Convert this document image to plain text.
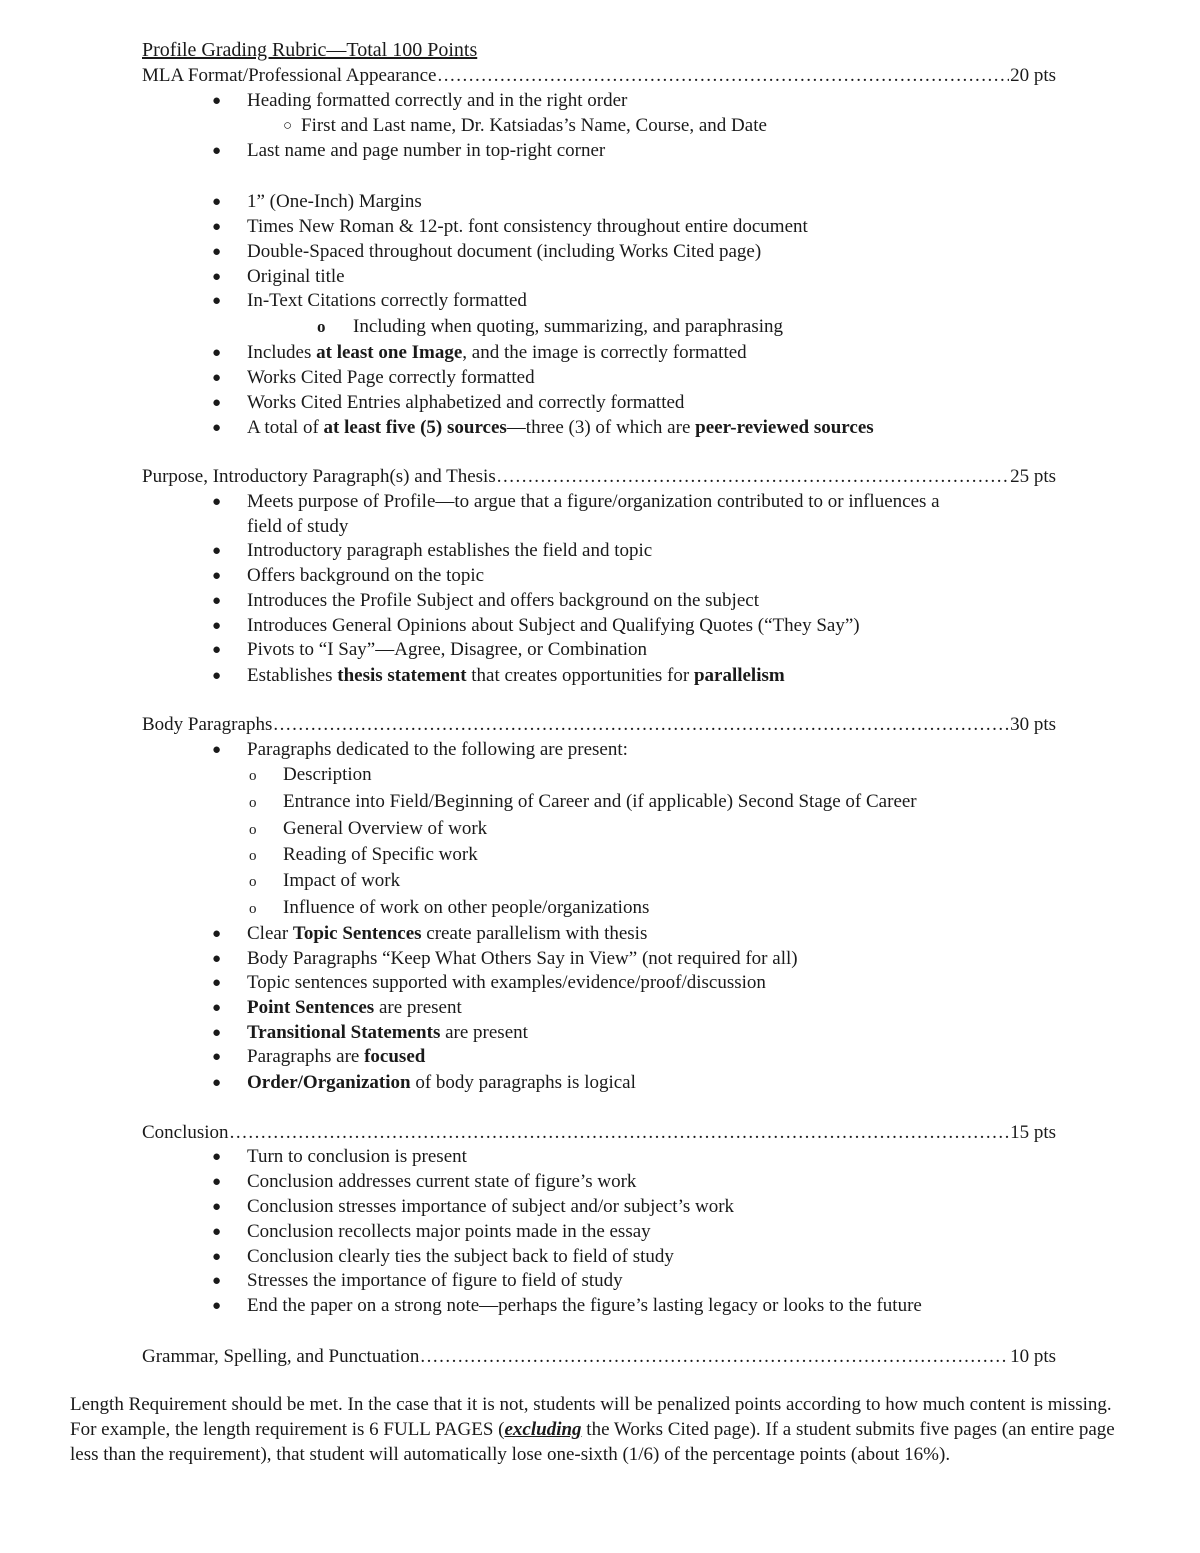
Profile Grading Rubric—Total 100 Points
MLA Format/Professional Appearance .....	20 pts
● Heading formatted correctly and in the right order
○ First and Last name, Dr. Katsiadas’s Name, Course, and Date
● Last name and page number in top-right corner
● 1” (One-Inch) Margins
● Times New Roman & 12-pt. font consistency throughout entire document
● Double-Spaced throughout document (including Works Cited page)
● Original title
● In-Text Citations correctly formatted
o Including when quoting, summarizing, and paraphrasing
● Includes at least one Image, and the image is correctly formatted
● Works Cited Page correctly formatted
● Works Cited Entries alphabetized and correctly formatted
● A total of at least five (5) sources—three (3) of which are peer-reviewed sources
Purpose, Introductory Paragraph(s) and Thesis .....	25 pts
● Meets purpose of Profile—to argue that a figure/organization contributed to or influences a
field of study
● Introductory paragraph establishes the field and topic
● Offers background on the topic
● Introduces the Profile Subject and offers background on the subject
● Introduces General Opinions about Subject and Qualifying Quotes (“They Say”)
● Pivots to “I Say”—Agree, Disagree, or Combination
● Establishes thesis statement that creates opportunities for parallelism
Body Paragraphs .....	30 pts
● Paragraphs dedicated to the following are present:
o Description
o Entrance into Field/Beginning of Career and (if applicable) Second Stage of Career
o General Overview of work
o Reading of Specific work
o Impact of work
o Influence of work on other people/organizations
● Clear Topic Sentences create parallelism with thesis
● Body Paragraphs “Keep What Others Say in View” (not required for all)
● Topic sentences supported with examples/evidence/proof/discussion
● Point Sentences are present
● Transitional Statements are present
● Paragraphs are focused
● Order/Organization of body paragraphs is logical
Conclusion .....	15 pts
● Turn to conclusion is present
● Conclusion addresses current state of figure’s work
● Conclusion stresses importance of subject and/or subject’s work
● Conclusion recollects major points made in the essay
● Conclusion clearly ties the subject back to field of study
● Stresses the importance of figure to field of study
● End the paper on a strong note—perhaps the figure’s lasting legacy or looks to the future
Grammar, Spelling, and Punctuation .....	10 pts
Length Requirement should be met. In the case that it is not, students will be penalized points according to how much content is missing. For example, the length requirement is 6 FULL PAGES (excluding the Works Cited page). If a student submits five pages (an entire page less than the requirement), that student will automatically lose one-sixth (1/6) of the percentage points (about 16%).
